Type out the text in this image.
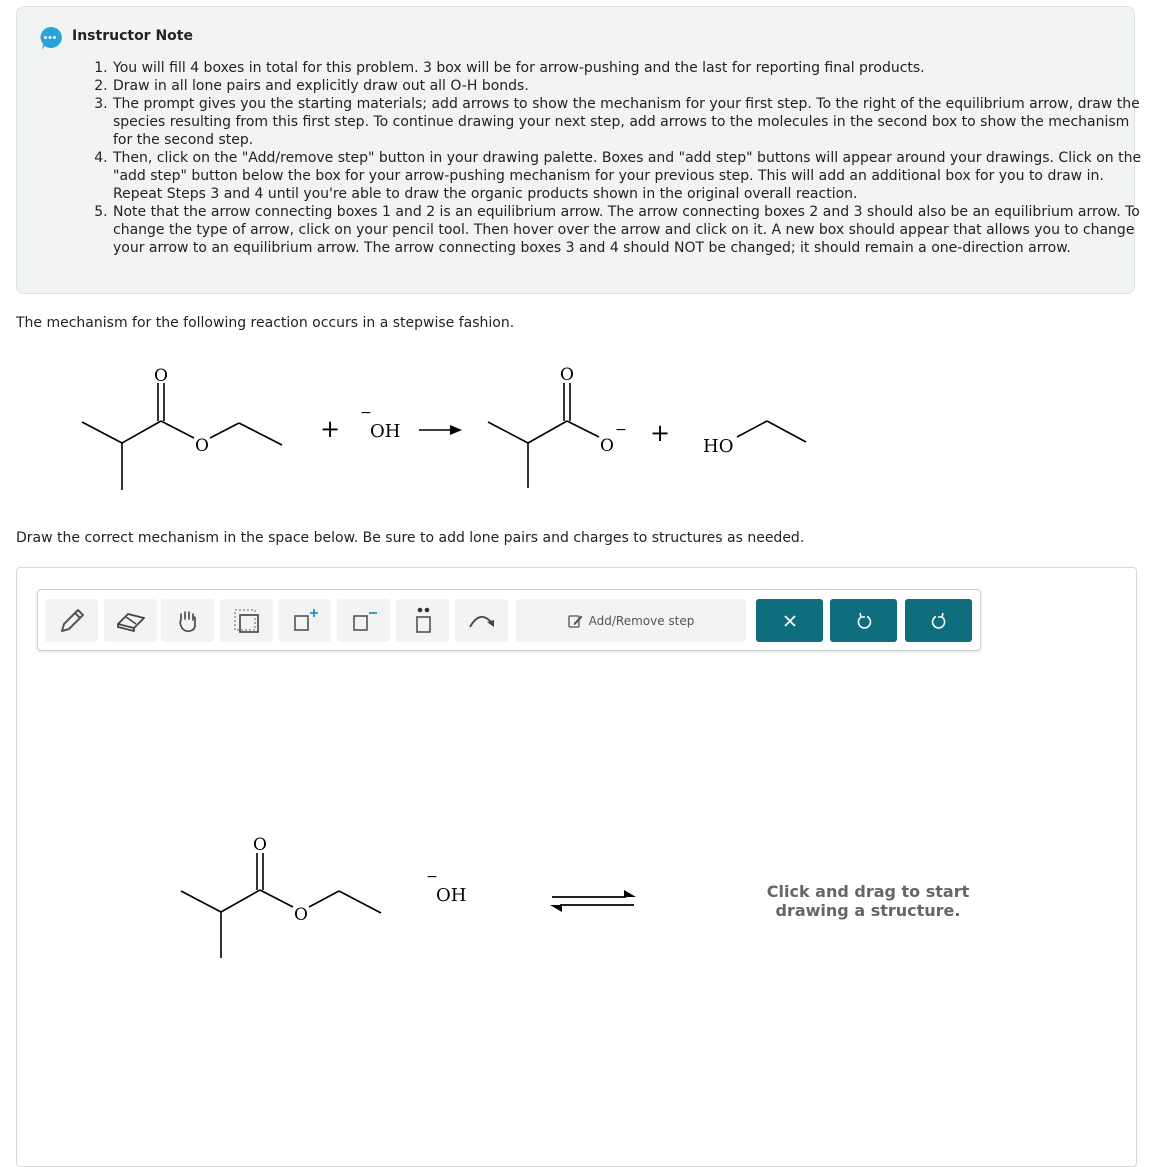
Instructor Note
1. You will fill 4 boxes in total for this problem. 3 box will be for arrow-pushing and the last for reporting final products.
2. Draw in all lone pairs and explicitly draw out all O-H bonds.
3. The prompt gives you the starting materials; add arrows to show the mechanism for your first step. To the right of the equilibrium arrow, draw the species resulting from this first step. To continue drawing your next step, add arrows to the molecules in the second box to show the mechanism for the second step.
4. Then, click on the "Add/remove step" button in your drawing palette. Boxes and "add step" buttons will appear around your drawings. Click on the "add step" button below the box for your arrow-pushing mechanism for your previous step. This will add an additional box for you to draw in. Repeat Steps 3 and 4 until you're able to draw the organic products shown in the original overall reaction.
5. Note that the arrow connecting boxes 1 and 2 is an equilibrium arrow. The arrow connecting boxes 2 and 3 should also be an equilibrium arrow. To change the type of arrow, click on your pencil tool. Then hover over the arrow and click on it. A new box should appear that allows you to change your arrow to an equilibrium arrow. The arrow connecting boxes 3 and 4 should NOT be changed; it should remain a one-direction arrow.
The mechanism for the following reaction occurs in a stepwise fashion.
O
O
+
−
OH
O
O
− + HO
Draw the correct mechanism in the space below. Be sure to add lone pairs and charges to structures as needed.
Add/Remove step
O
O
−
OH	Click and drag to start drawing a structure.
